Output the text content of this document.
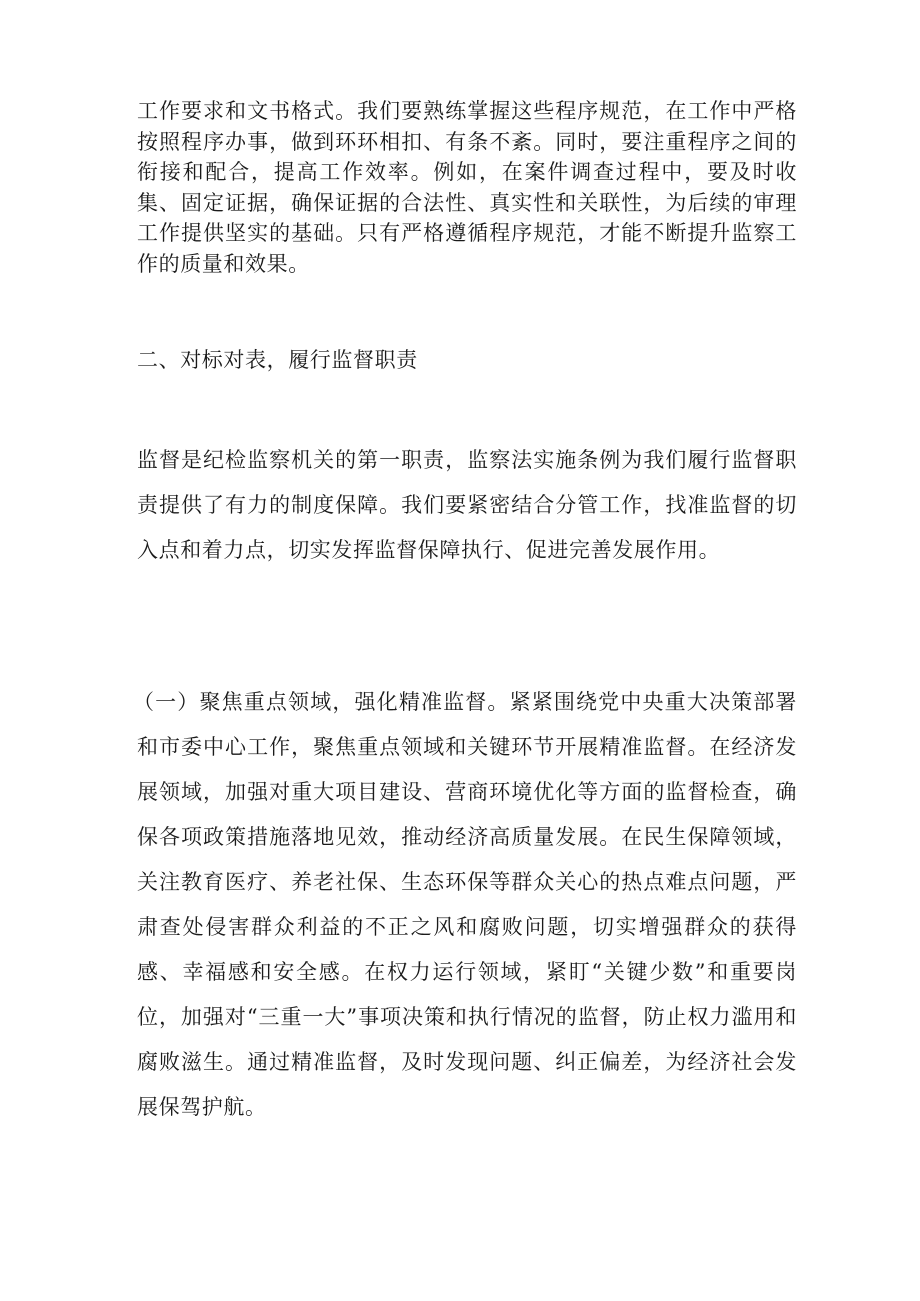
工作要求和文书格式。我们要熟练掌握这些程序规范，在工作中严格按照程序办事，做到环环相扣、有条不紊。同时，要注重程序之间的衔接和配合，提高工作效率。例如，在案件调查过程中，要及时收集、固定证据，确保证据的合法性、真实性和关联性，为后续的审理工作提供坚实的基础。只有严格遵循程序规范，才能不断提升监察工作的质量和效果。

二、对标对表，履行监督职责

监督是纪检监察机关的第一职责，监察法实施条例为我们履行监督职责提供了有力的制度保障。我们要紧密结合分管工作，找准监督的切入点和着力点，切实发挥监督保障执行、促进完善发展作用。

（一）聚焦重点领域，强化精准监督。紧紧围绕党中央重大决策部署和市委中心工作，聚焦重点领域和关键环节开展精准监督。在经济发展领域，加强对重大项目建设、营商环境优化等方面的监督检查，确保各项政策措施落地见效，推动经济高质量发展。在民生保障领域，关注教育医疗、养老社保、生态环保等群众关心的热点难点问题，严肃查处侵害群众利益的不正之风和腐败问题，切实增强群众的获得感、幸福感和安全感。在权力运行领域，紧盯“关键少数”和重要岗位，加强对“三重一大”事项决策和执行情况的监督，防止权力滥用和腐败滋生。通过精准监督，及时发现问题、纠正偏差，为经济社会发展保驾护航。
